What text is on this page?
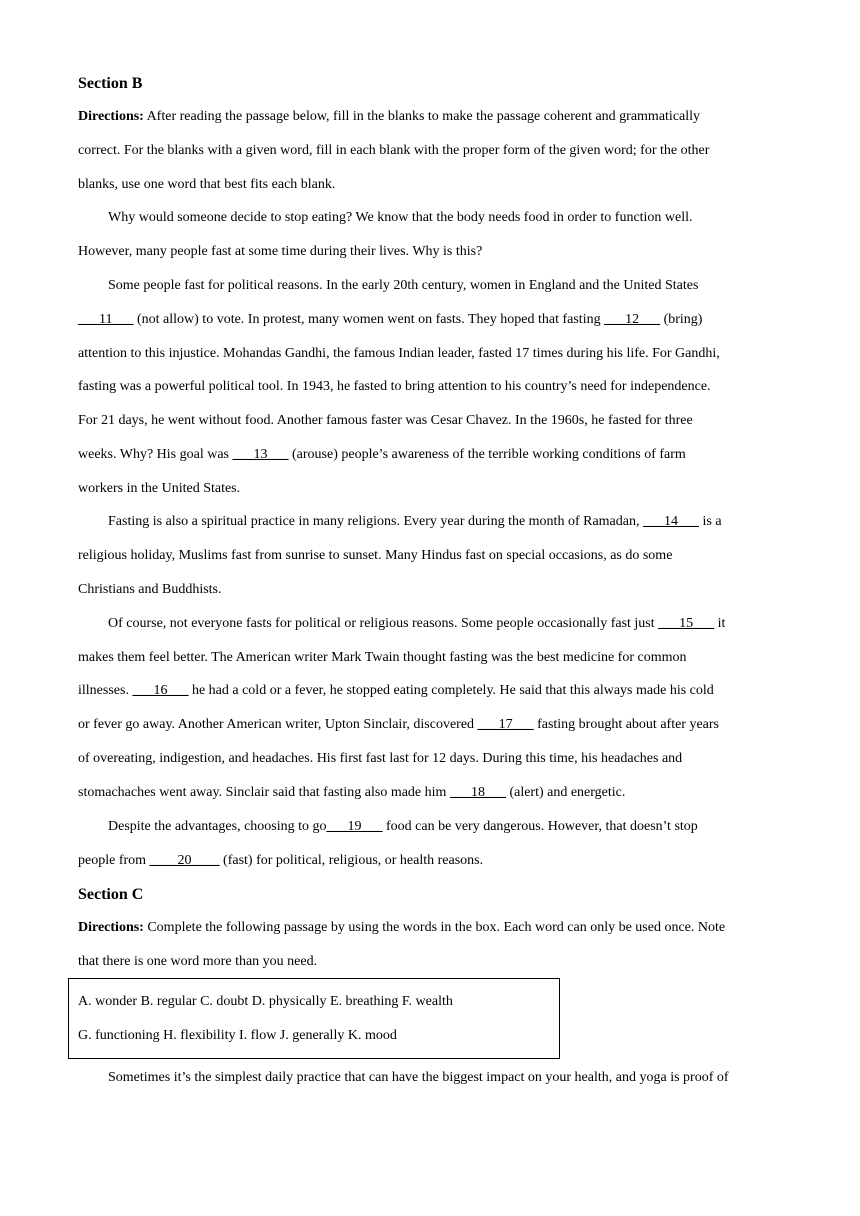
Section B
Directions: After reading the passage below, fill in the blanks to make the passage coherent and grammatically
correct. For the blanks with a given word, fill in each blank with the proper form of the given word; for the other
blanks, use one word that best fits each blank.
Why would someone decide to stop eating? We know that the body needs food in order to function well.
However, many people fast at some time during their lives. Why is this?
Some people fast for political reasons. In the early 20th century, women in England and the United States
___11___ (not allow) to vote. In protest, many women went on fasts. They hoped that fasting ___12___ (bring)
attention to this injustice. Mohandas Gandhi, the famous Indian leader, fasted 17 times during his life. For Gandhi,
fasting was a powerful political tool. In 1943, he fasted to bring attention to his country’s need for independence.
For 21 days, he went without food. Another famous faster was Cesar Chavez. In the 1960s, he fasted for three
weeks. Why? His goal was ___13___ (arouse) people’s awareness of the terrible working conditions of farm
workers in the United States.
Fasting is also a spiritual practice in many religions. Every year during the month of Ramadan, ___14___ is a
religious holiday, Muslims fast from sunrise to sunset. Many Hindus fast on special occasions, as do some
Christians and Buddhists.
Of course, not everyone fasts for political or religious reasons. Some people occasionally fast just ___15___ it
makes them feel better. The American writer Mark Twain thought fasting was the best medicine for common
illnesses. ___16___ he had a cold or a fever, he stopped eating completely. He said that this always made his cold
or fever go away. Another American writer, Upton Sinclair, discovered ___17___ fasting brought about after years
of overeating, indigestion, and headaches. His first fast last for 12 days. During this time, his headaches and
stomachaches went away. Sinclair said that fasting also made him ___18___ (alert) and energetic.
Despite the advantages, choosing to go___19___ food can be very dangerous. However, that doesn’t stop
people from ____20____ (fast) for political, religious, or health reasons.
Section C
Directions: Complete the following passage by using the words in the box. Each word can only be used once. Note
that there is one word more than you need.
A. wonder B. regular C. doubt D. physically E. breathing F. wealth
G. functioning H. flexibility I. flow J. generally K. mood
Sometimes it’s the simplest daily practice that can have the biggest impact on your health, and yoga is proof of
